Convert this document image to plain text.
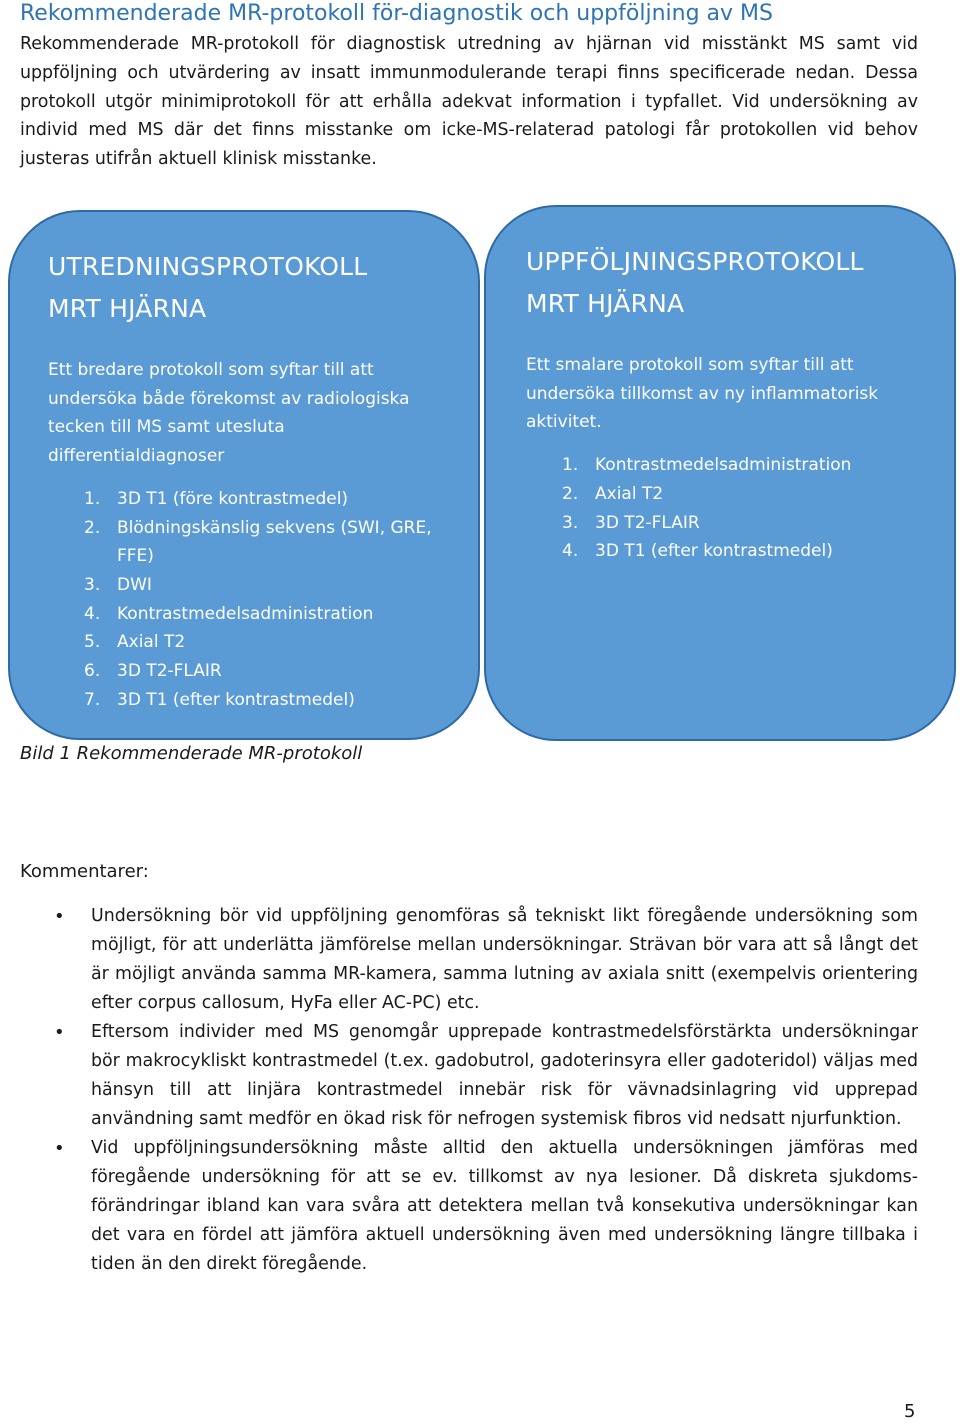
Rekommenderade MR-protokoll för-diagnostik och uppföljning av MS
Rekommenderade MR-protokoll för diagnostisk utredning av hjärnan vid misstänkt MS samt vid uppföljning och utvärdering av insatt immunmodulerande terapi finns specificerade nedan. Dessa protokoll utgör minimiprotokoll för att erhålla adekvat information i typfallet. Vid undersökning av individ med MS där det finns misstanke om icke-MS-relaterad patologi får protokollen vid behov justeras utifrån aktuell klinisk misstanke.
UTREDNINGSPROTOKOLL
MRT HJÄRNA
Ett bredare protokoll som syftar till att undersöka både förekomst av radiologiska tecken till MS samt utesluta differentialdiagnoser
1. 3D T1 (före kontrastmedel)
2. Blödningskänslig sekvens (SWI, GRE, FFE)
3. DWI
4. Kontrastmedelsadministration
5. Axial T2
6. 3D T2-FLAIR
7. 3D T1 (efter kontrastmedel)
UPPFÖLJNINGSPROTOKOLL
MRT HJÄRNA
Ett smalare protokoll som syftar till att undersöka tillkomst av ny inflammatorisk aktivitet.
1. Kontrastmedelsadministration
2. Axial T2
3. 3D T2-FLAIR
4. 3D T1 (efter kontrastmedel)
Bild 1 Rekommenderade MR-protokoll
Kommentarer:
• Undersökning bör vid uppföljning genomföras så tekniskt likt föregående undersökning som möjligt, för att underlätta jämförelse mellan undersökningar. Strävan bör vara att så långt det är möjligt använda samma MR-kamera, samma lutning av axiala snitt (exempelvis orientering efter corpus callosum, HyFa eller AC-PC) etc.
• Eftersom individer med MS genomgår upprepade kontrastmedelsförstärkta undersökningar bör makrocykliskt kontrastmedel (t.ex. gadobutrol, gadoterinsyra eller gadoteridol) väljas med hänsyn till att linjära kontrastmedel innebär risk för vävnadsinlagring vid upprepad användning samt medför en ökad risk för nefrogen systemisk fibros vid nedsatt njurfunktion.
• Vid uppföljningsundersökning måste alltid den aktuella undersökningen jämföras med föregående undersökning för att se ev. tillkomst av nya lesioner. Då diskreta sjukdoms-förändringar ibland kan vara svåra att detektera mellan två konsekutiva undersökningar kan det vara en fördel att jämföra aktuell undersökning även med undersökning längre tillbaka i tiden än den direkt föregående.
5
